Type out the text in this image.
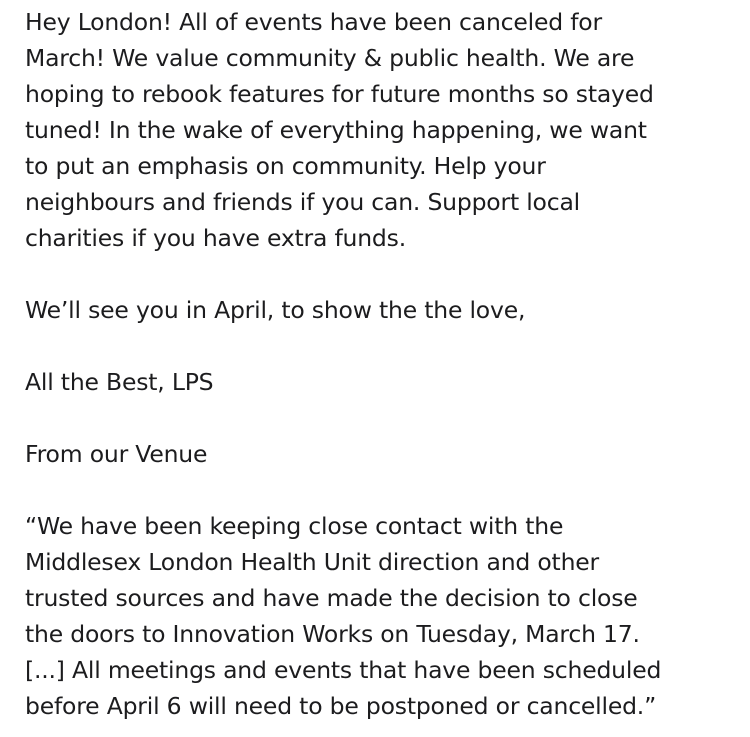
Hey London! All of events have been canceled for
March! We value community & public health. We are
hoping to rebook features for future months so stayed
tuned! In the wake of everything happening, we want
to put an emphasis on community. Help your
neighbours and friends if you can. Support local
charities if you have extra funds.

We’ll see you in April, to show the the love,

All the Best, LPS

From our Venue

“We have been keeping close contact with the
Middlesex London Health Unit direction and other
trusted sources and have made the decision to close
the doors to Innovation Works on Tuesday, March 17.
[...] All meetings and events that have been scheduled
before April 6 will need to be postponed or cancelled.”
